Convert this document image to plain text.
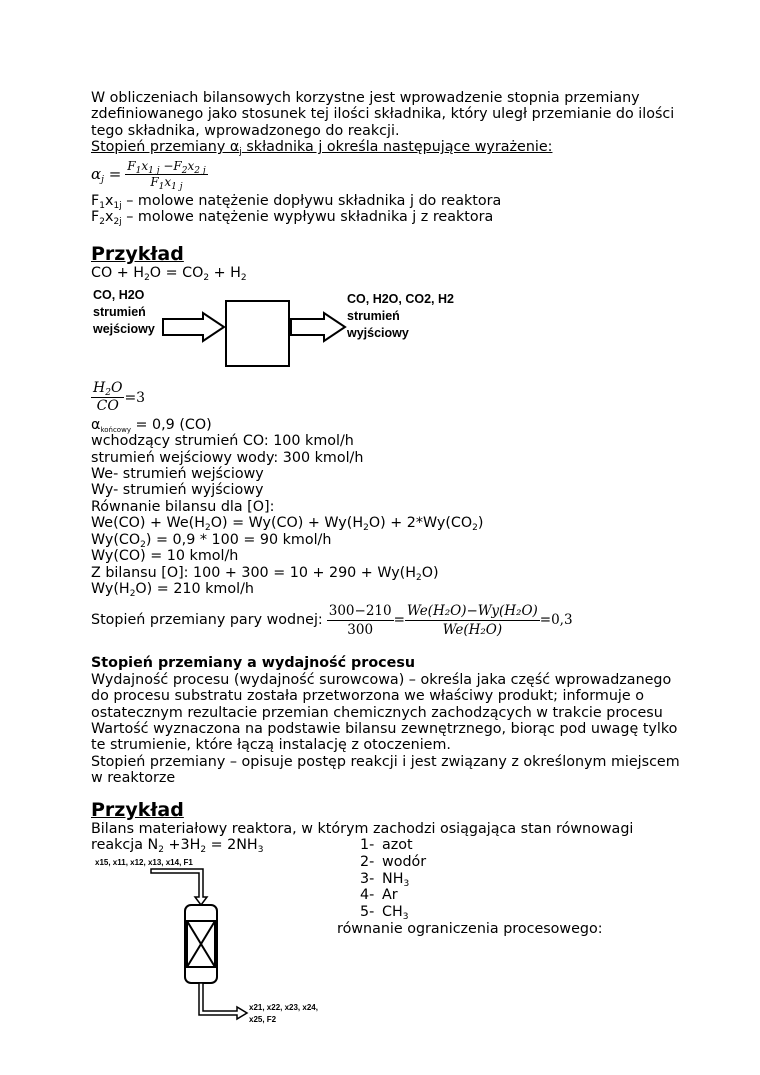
W obliczeniach bilansowych korzystne jest wprowadzenie stopnia przemiany

zdefiniowanego jako stosunek tej ilości składnika, który uległ przemianie do ilości

tego składnika, wprowadzonego do reakcji.

Stopień przemiany $\alpha_j$ składnika j określa następujące wyrażenie:

$\alpha_j = \frac{F_1x_{1 j} -F_2x_{2 j}}{F_1x_{1 j}}$

$F_1x_{1j}$ – molowe natężenie dopływu składnika j do reaktora

$F_2x_{2j}$ – molowe natężenie wypływu składnika j z reaktora

Przykład

CO + $H_2O = CO_2 + H_2$

CO, H2O
strumień
wejściowy
CO, H2O, CO2, H2
strumień
wyjściowy
$\frac{H_2O}{CO} =3$

$\alpha_{końcowy} = 0,9$ (CO)

wchodzący strumień CO: 100 kmol/h

strumień wejściowy wody: 300 kmol/h

We- strumień wejściowy

Wy- strumień wyjściowy

Równanie bilansu dla [O]:

$We(CO) + We(H_2O) = Wy(CO) + Wy(H_2O) + 2*Wy(CO_2)$

$Wy(CO_2) = 0,9 * 100 = 90$ kmol/h

Wy(CO) = 10 kmol/h

Z bilansu [O]: $100 + 300 = 10 + 290 + Wy(H_2O)$

$Wy(H_2O) = 210$ kmol/h

Stopień przemiany pary wodnej: $\frac{300-210}{300} = \frac{\text{We(H₂O)−Wy(H₂O)}}{\text{We(H₂O)}} =0,3$
Stopień przemiany a wydajność procesu

Wydajność procesu (wydajność surowcowa) – określa jaka część wprowadzanego

do procesu substratu została przetworzona we właściwy produkt; informuje o

ostatecznym rezultacie przemian chemicznych zachodzących w trakcie procesu

Wartość wyznaczona na podstawie bilansu zewnętrznego, biorąc pod uwagę tylko

te strumienie, które łączą instalację z otoczeniem.

Stopień przemiany – opisuje postęp reakcji i jest związany z określonym miejscem

w reaktorze

Przykład

Bilans materiałowy reaktora, w którym zachodzi osiągająca stan równowagi

reakcja $N_2 +3H_2 = 2NH_3$

x15, x11, x12, x13, x14, F1
x21, x22, x23, x24,
x25, F2
1- azot
2- wodór
3- $NH_3$
4- Ar
5- $CH_3$

równanie ograniczenia procesowego:
